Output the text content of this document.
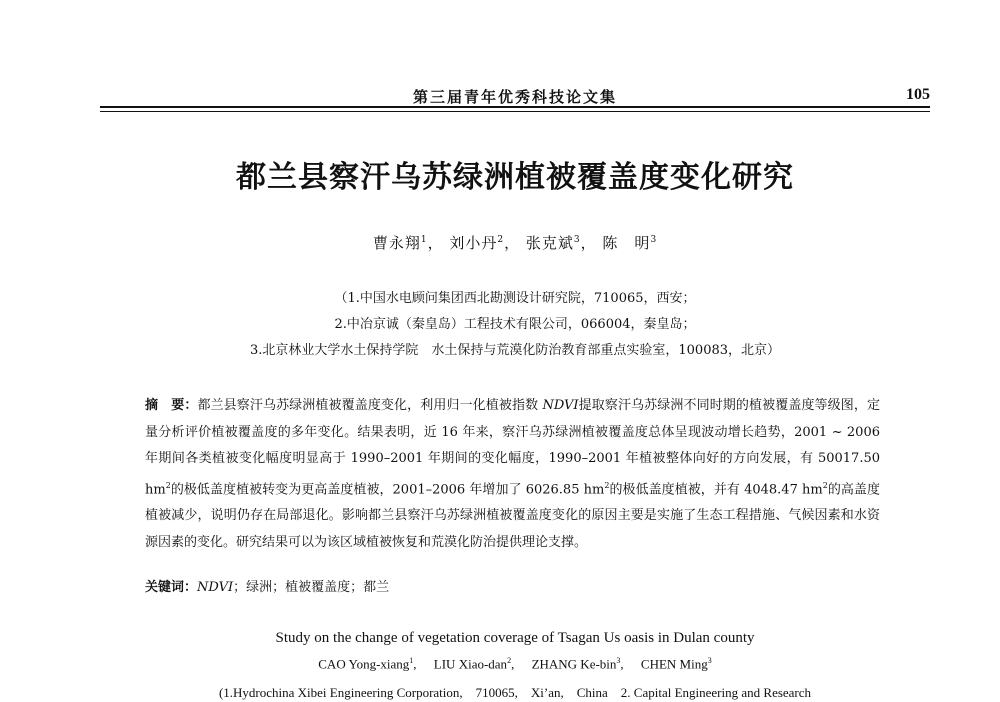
第三届青年优秀科技论文集	105
都兰县察汗乌苏绿洲植被覆盖度变化研究
曹永翔$^1$， 刘小丹$^2$， 张克斌$^3$， 陈　明$^3$
（1.中国水电顾问集团西北勘测设计研究院，710065，西安；
2.中冶京诚（秦皇岛）工程技术有限公司，066004，秦皇岛；
3.北京林业大学水土保持学院　水土保持与荒漠化防治教育部重点实验室，100083，北京）
摘　要：都兰县察汗乌苏绿洲植被覆盖度变化，利用归一化植被指数 NDVI提取察汗乌苏绿洲不同时期的植被覆盖度等级图，定量分析评价植被覆盖度的多年变化。结果表明，近 16 年来，察汗乌苏绿洲植被覆盖度总体呈现波动增长趋势，2001 ~ 2006 年期间各类植被变化幅度明显高于 1990–2001 年期间的变化幅度，1990–2001 年植被整体向好的方向发展，有 50017.50 $hm^2$的极低盖度植被转变为更高盖度植被，2001–2006 年增加了 6026.85 $hm^2$的极低盖度植被，并有 4048.47 $hm^2$的高盖度植被减少，说明仍存在局部退化。影响都兰县察汗乌苏绿洲植被覆盖度变化的原因主要是实施了生态工程措施、气候因素和水资源因素的变化。研究结果可以为该区域植被恢复和荒漠化防治提供理论支撑。
关键词：NDVI；绿洲；植被覆盖度；都兰
Study on the change of vegetation coverage of Tsagan Us oasis in Dulan county
CAO Yong-xiang$^1$, LIU Xiao-dan$^2$, ZHANG Ke-bin$^3$, CHEN Ming$^3$
(1.Hydrochina Xibei Engineering Corporation,　710065,　Xi’an,　China　2. Capital Engineering and Research
